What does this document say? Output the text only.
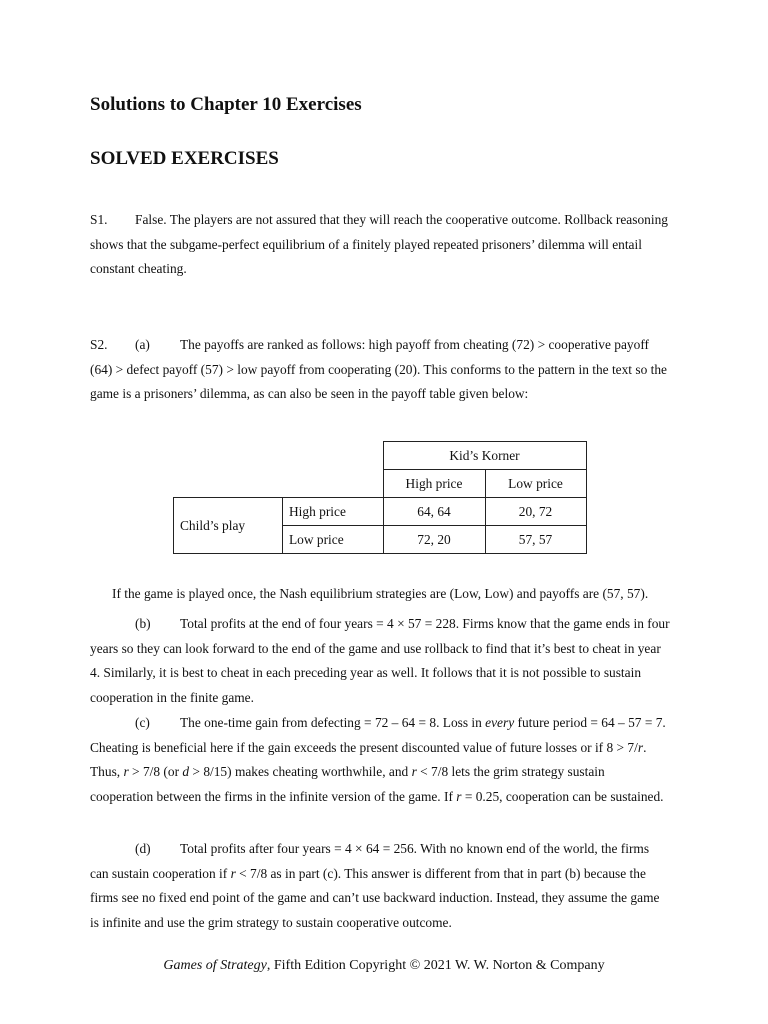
Solutions to Chapter 10 Exercises
SOLVED EXERCISES
S1. False. The players are not assured that they will reach the cooperative outcome. Rollback reasoning shows that the subgame-perfect equilibrium of a finitely played repeated prisoners’ dilemma will entail constant cheating.
S2. (a) The payoffs are ranked as follows: high payoff from cheating (72) > cooperative payoff (64) > defect payoff (57) > low payoff from cooperating (20). This conforms to the pattern in the text so the game is a prisoners’ dilemma, as can also be seen in the payoff table given below:
		Kid’s Korner	
		High price	Low price
Child’s play	High price	64, 64	20, 72
	Low price	72, 20	57, 57
If the game is played once, the Nash equilibrium strategies are (Low, Low) and payoffs are (57, 57).
(b) Total profits at the end of four years = 4 × 57 = 228. Firms know that the game ends in four years so they can look forward to the end of the game and use rollback to find that it’s best to cheat in year 4. Similarly, it is best to cheat in each preceding year as well. It follows that it is not possible to sustain cooperation in the finite game.
(c) The one-time gain from defecting = 72 – 64 = 8. Loss in every future period = 64 – 57 = 7. Cheating is beneficial here if the gain exceeds the present discounted value of future losses or if 8 > 7/r. Thus, r > 7/8 (or d > 8/15) makes cheating worthwhile, and r < 7/8 lets the grim strategy sustain cooperation between the firms in the infinite version of the game. If r = 0.25, cooperation can be sustained.
(d) Total profits after four years = 4 × 64 = 256. With no known end of the world, the firms can sustain cooperation if r < 7/8 as in part (c). This answer is different from that in part (b) because the firms see no fixed end point of the game and can’t use backward induction. Instead, they assume the game is infinite and use the grim strategy to sustain cooperative outcome.
Games of Strategy, Fifth Edition Copyright © 2021 W. W. Norton & Company
